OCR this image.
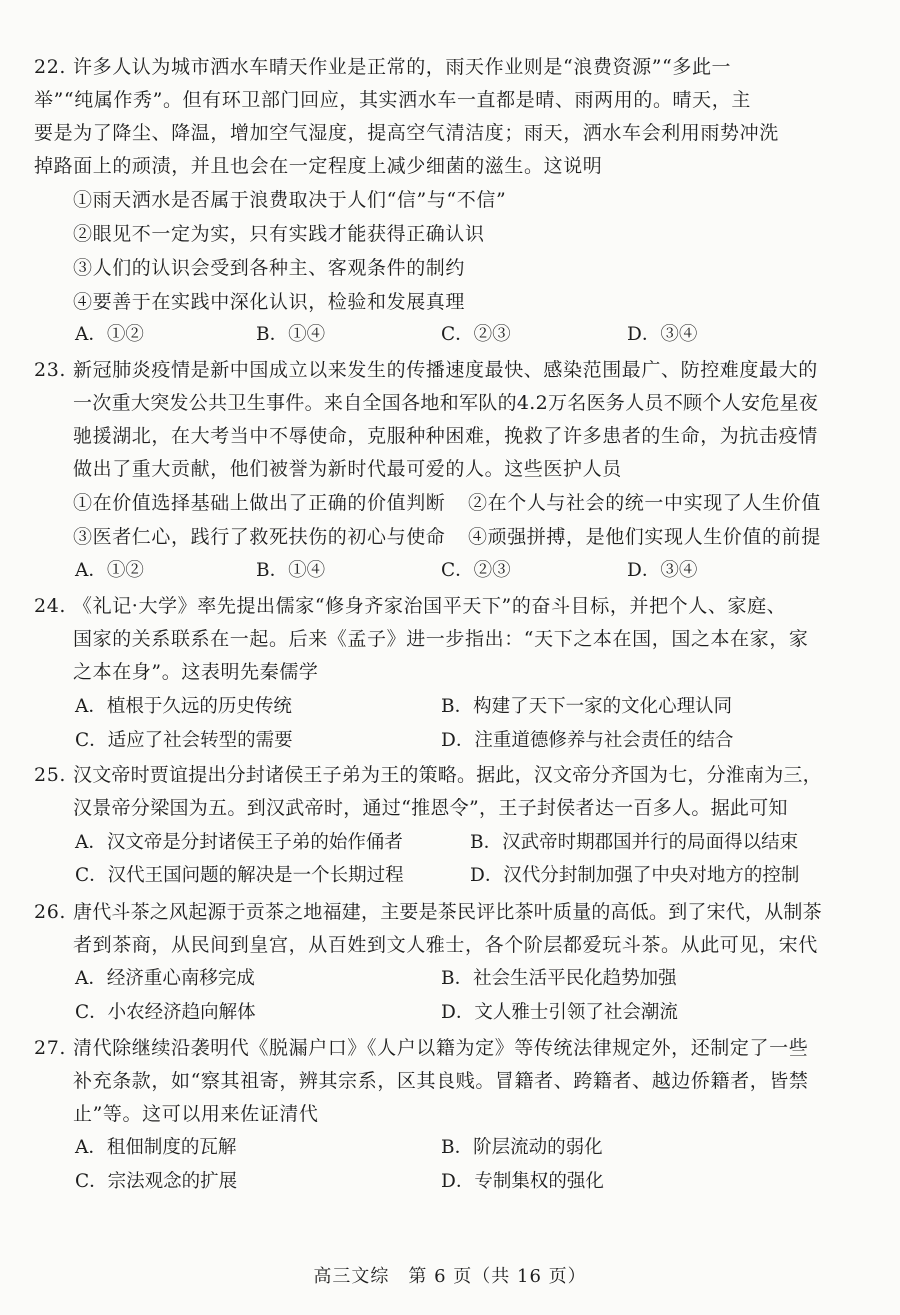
22. 许多人认为城市洒水车晴天作业是正常的，雨天作业则是“浪费资源”“多此一
举”“纯属作秀”。但有环卫部门回应，其实洒水车一直都是晴、雨两用的。晴天，主
要是为了降尘、降温，增加空气湿度，提高空气清洁度；雨天，洒水车会利用雨势冲洗
掉路面上的顽渍，并且也会在一定程度上减少细菌的滋生。这说明
①雨天洒水是否属于浪费取决于人们“信”与“不信”
②眼见不一定为实，只有实践才能获得正确认识
③人们的认识会受到各种主、客观条件的制约
④要善于在实践中深化认识，检验和发展真理
A．①②	B．①④	C．②③	D．③④
23. 新冠肺炎疫情是新中国成立以来发生的传播速度最快、感染范围最广、防控难度最大的
一次重大突发公共卫生事件。来自全国各地和军队的4.2万名医务人员不顾个人安危星夜
驰援湖北，在大考当中不辱使命，克服种种困难，挽救了许多患者的生命，为抗击疫情
做出了重大贡献，他们被誉为新时代最可爱的人。这些医护人员
①在价值选择基础上做出了正确的价值判断 ②在个人与社会的统一中实现了人生价值
③医者仁心，践行了救死扶伤的初心与使命 ④顽强拼搏，是他们实现人生价值的前提
A．①②	B．①④	C．②③	D．③④
24. 《礼记·大学》率先提出儒家“修身齐家治国平天下”的奋斗目标，并把个人、家庭、
国家的关系联系在一起。后来《孟子》进一步指出：“天下之本在国，国之本在家，家
之本在身”。这表明先秦儒学
A．植根于久远的历史传统	B．构建了天下一家的文化心理认同
C．适应了社会转型的需要	D．注重道德修养与社会责任的结合
25. 汉文帝时贾谊提出分封诸侯王子弟为王的策略。据此，汉文帝分齐国为七，分淮南为三，
汉景帝分梁国为五。到汉武帝时，通过“推恩令”，王子封侯者达一百多人。据此可知
A．汉文帝是分封诸侯王子弟的始作俑者	B．汉武帝时期郡国并行的局面得以结束
C．汉代王国问题的解决是一个长期过程	D．汉代分封制加强了中央对地方的控制
26. 唐代斗茶之风起源于贡茶之地福建，主要是茶民评比茶叶质量的高低。到了宋代，从制茶
者到茶商，从民间到皇宫，从百姓到文人雅士，各个阶层都爱玩斗茶。从此可见，宋代
A．经济重心南移完成	B．社会生活平民化趋势加强
C．小农经济趋向解体	D．文人雅士引领了社会潮流
27. 清代除继续沿袭明代《脱漏户口》《人户以籍为定》等传统法律规定外，还制定了一些
补充条款，如“察其祖寄，辨其宗系，区其良贱。冒籍者、跨籍者、越边侨籍者，皆禁
止”等。这可以用来佐证清代
A．租佃制度的瓦解	B．阶层流动的弱化
C．宗法观念的扩展	D．专制集权的强化
高三文综　第 6 页（共 16 页）
